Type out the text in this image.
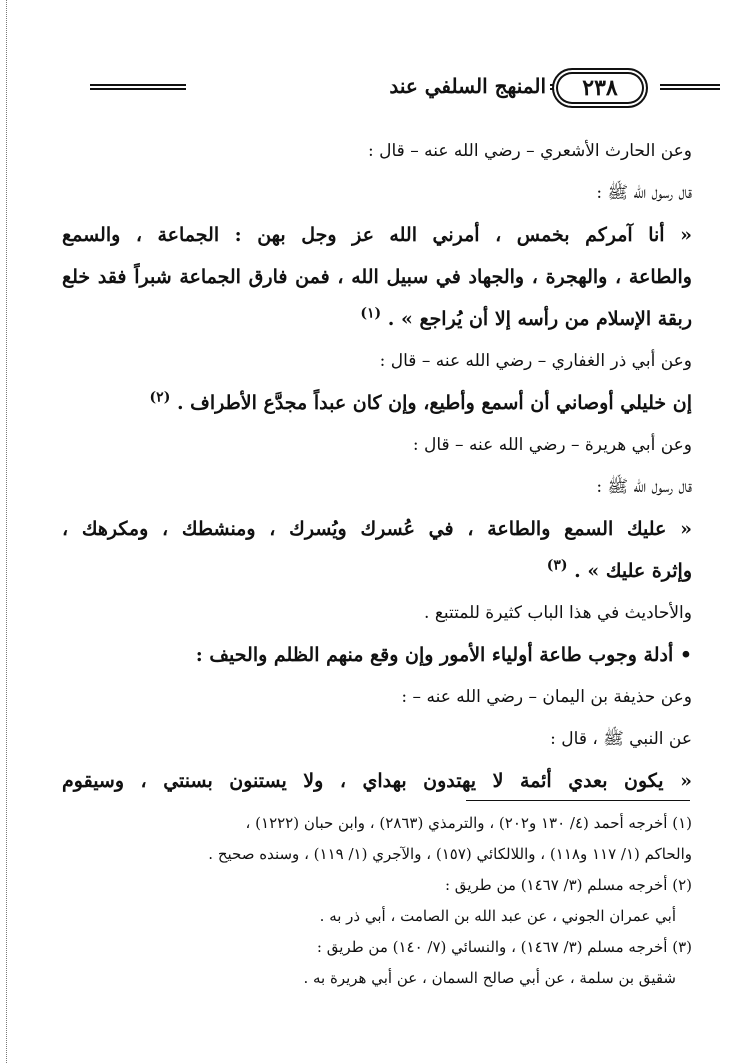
المنهج السلفي عند	٢٣٨
وعن الحارث الأشعري – رضي الله عنه – قال :
قال رسول الله ﷺ :
« أنا آمركم بخمس ، أمرني الله عز وجل بهن : الجماعة ، والسمع
والطاعة ، والهجرة ، والجهاد في سبيل الله ، فمن فارق الجماعة شبراً فقد خلع
ربقة الإسلام من رأسه إلا أن يُراجع » . $^{(١)}$
وعن أبي ذر الغفاري – رضي الله عنه – قال :
إن خليلي أوصاني أن أسمع وأطيع، وإن كان عبداً مجدَّع الأطراف . $^{(٢)}$
وعن أبي هريرة – رضي الله عنه – قال :
قال رسول الله ﷺ :
« عليك السمع والطاعة ، في عُسرك ويُسرك ، ومنشطك ، ومكرهك ،
وإثرة عليك » . $^{(٣)}$
والأحاديث في هذا الباب كثيرة للمتتبع .
• أدلة وجوب طاعة أولياء الأمور وإن وقع منهم الظلم والحيف :
وعن حذيفة بن اليمان – رضي الله عنه – :
عن النبي ﷺ ، قال :
« يكون بعدي أئمة لا يهتدون بهداي ، ولا يستنون بسنتي ، وسيقوم
(١) أخرجه أحمد (٤/ ١٣٠ و٢٠٢) ، والترمذي (٢٨٦٣) ، وابن حبان (١٢٢٢) ،
والحاكم (١/ ١١٧ و١١٨) ، واللالكائي (١٥٧) ، والآجري (١/ ١١٩) ، وسنده صحيح .
(٢) أخرجه مسلم (٣/ ١٤٦٧) من طريق :
أبي عمران الجوني ، عن عبد الله بن الصامت ، أبي ذر به .
(٣) أخرجه مسلم (٣/ ١٤٦٧) ، والنسائي (٧/ ١٤٠) من طريق :
شقيق بن سلمة ، عن أبي صالح السمان ، عن أبي هريرة به .
